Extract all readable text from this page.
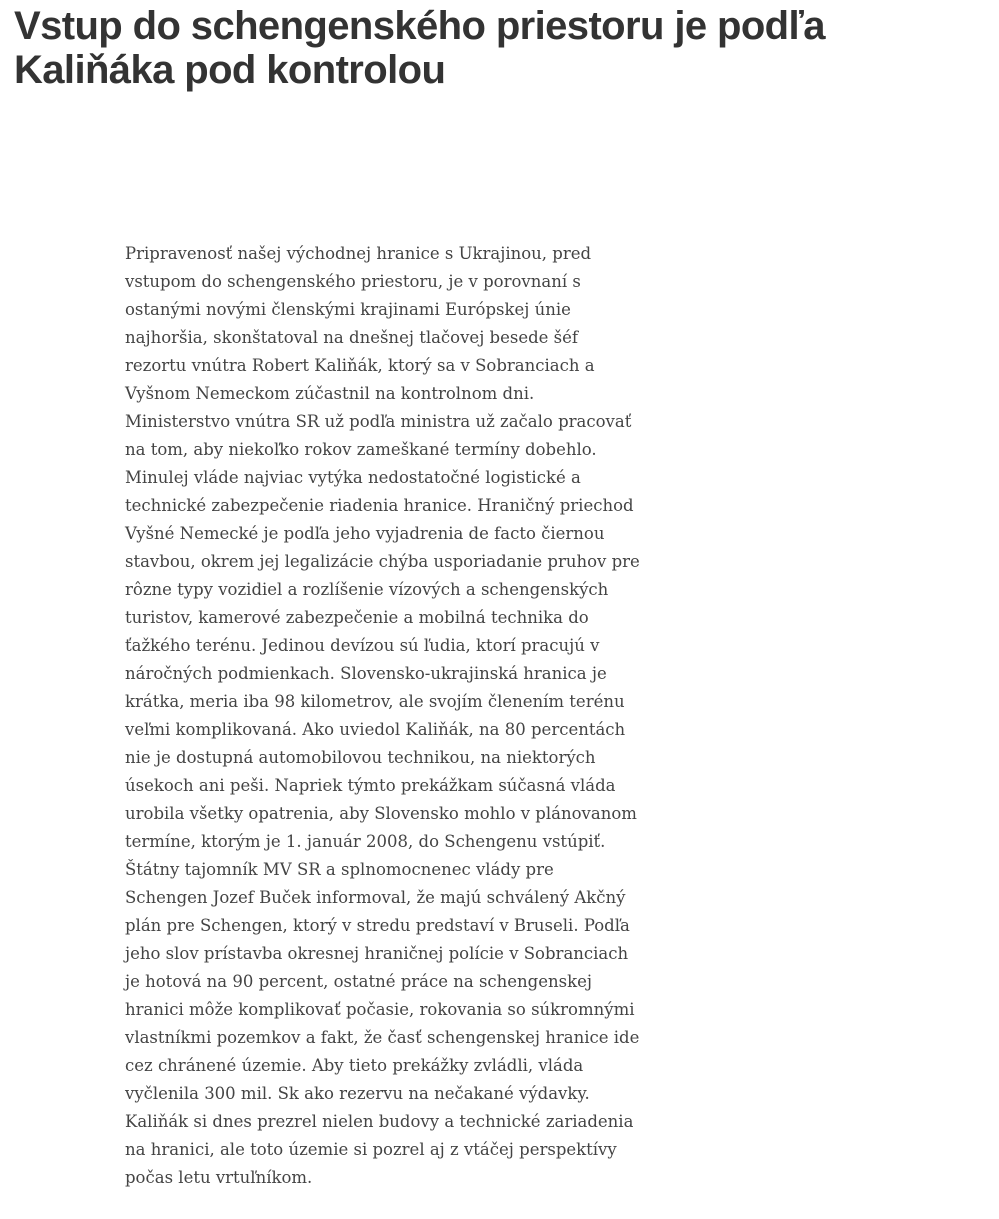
Vstup do schengenského priestoru je podľa Kaliňáka pod kontrolou

Pripravenosť našej východnej hranice s Ukrajinou, pred vstupom do schengenského priestoru, je v porovnaní s ostanými novými členskými krajinami Európskej únie najhoršia, skonštatoval na dnešnej tlačovej besede šéf rezortu vnútra Robert Kaliňák, ktorý sa v Sobranciach a Vyšnom Nemeckom zúčastnil na kontrolnom dni. Ministerstvo vnútra SR už podľa ministra už začalo pracovať na tom, aby niekoľko rokov zameškané termíny dobehlo.

Minulej vláde najviac vytýka nedostatočné logistické a technické zabezpečenie riadenia hranice. Hraničný priechod Vyšné Nemecké je podľa jeho vyjadrenia de facto čiernou stavbou, okrem jej legalizácie chýba usporiadanie pruhov pre rôzne typy vozidiel a rozlíšenie vízových a schengenských turistov, kamerové zabezpečenie a mobilná technika do ťažkého terénu. Jedinou devízou sú ľudia, ktorí pracujú v náročných podmienkach. Slovensko-ukrajinská hranica je krátka, meria iba 98 kilometrov, ale svojím členením terénu veľmi komplikovaná. Ako uviedol Kaliňák, na 80 percentách nie je dostupná automobilovou technikou, na niektorých úsekoch ani peši. Napriek týmto prekážkam súčasná vláda urobila všetky opatrenia, aby Slovensko mohlo v plánovanom termíne, ktorým je 1. január 2008, do Schengenu vstúpiť.

Štátny tajomník MV SR a splnomocnenec vlády pre Schengen Jozef Buček informoval, že majú schválený Akčný plán pre Schengen, ktorý v stredu predstaví v Bruseli. Podľa jeho slov prístavba okresnej hraničnej polície v Sobranciach je hotová na 90 percent, ostatné práce na schengenskej hranici môže komplikovať počasie, rokovania so súkromnými vlastníkmi pozemkov a fakt, že časť schengenskej hranice ide cez chránené územie. Aby tieto prekážky zvládli, vláda vyčlenila 300 mil. Sk ako rezervu na nečakané výdavky. Kaliňák si dnes prezrel nielen budovy a technické zariadenia na hranici, ale toto územie si pozrel aj z vtáčej perspektívy počas letu vrtuľníkom.
